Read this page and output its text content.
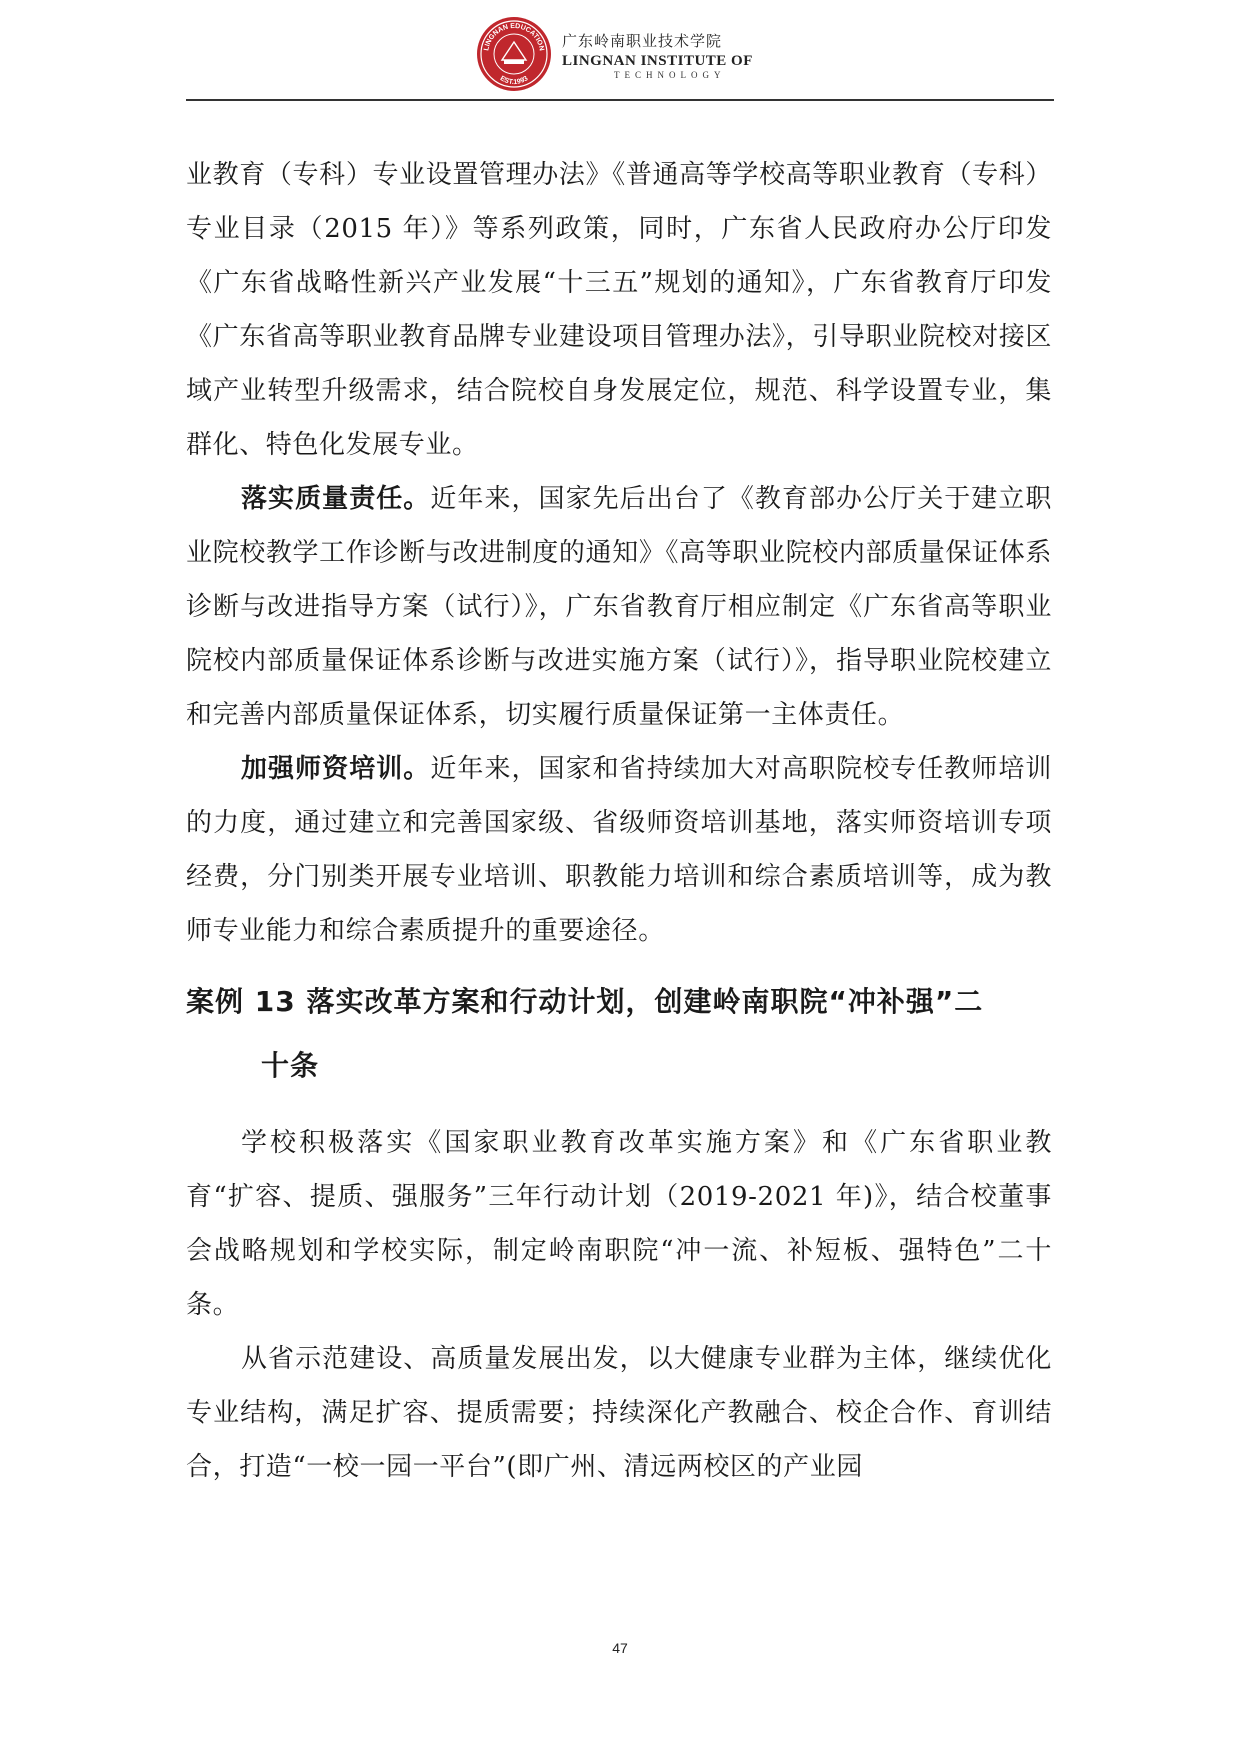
LINGNAN EDUCATION
EST.1993
广东岭南职业技术学院
LINGNAN INSTITUTE OF
TECHNOLOGY

业教育（专科）专业设置管理办法》《普通高等学校高等职业教育（专科）专业目录（2015 年）》等系列政策，同时，广东省人民政府办公厅印发《广东省战略性新兴产业发展“十三五”规划的通知》，广东省教育厅印发《广东省高等职业教育品牌专业建设项目管理办法》，引导职业院校对接区域产业转型升级需求，结合院校自身发展定位，规范、科学设置专业，集群化、特色化发展专业。

落实质量责任。近年来，国家先后出台了《教育部办公厅关于建立职业院校教学工作诊断与改进制度的通知》《高等职业院校内部质量保证体系诊断与改进指导方案（试行）》，广东省教育厅相应制定《广东省高等职业院校内部质量保证体系诊断与改进实施方案（试行）》，指导职业院校建立和完善内部质量保证体系，切实履行质量保证第一主体责任。

加强师资培训。近年来，国家和省持续加大对高职院校专任教师培训的力度，通过建立和完善国家级、省级师资培训基地，落实师资培训专项经费，分门别类开展专业培训、职教能力培训和综合素质培训等，成为教师专业能力和综合素质提升的重要途径。

案例 13 落实改革方案和行动计划，创建岭南职院“冲补强”二
十条

学校积极落实《国家职业教育改革实施方案》和《广东省职业教育“扩容、提质、强服务”三年行动计划（2019-2021 年)》，结合校董事会战略规划和学校实际，制定岭南职院“冲一流、补短板、强特色”二十条。

从省示范建设、高质量发展出发，以大健康专业群为主体，继续优化专业结构，满足扩容、提质需要；持续深化产教融合、校企合作、育训结合，打造“一校一园一平台”(即广州、清远两校区的产业园

47
